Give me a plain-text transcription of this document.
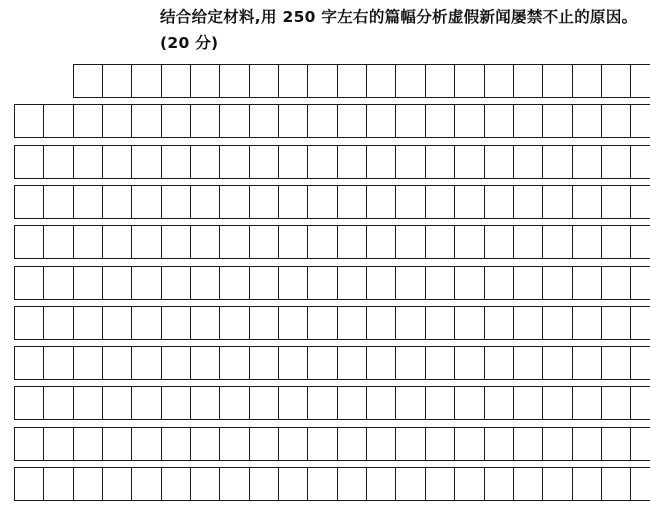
结合给定材料,用 250 字左右的篇幅分析虚假新闻屡禁不止的原因。
(20 分)
